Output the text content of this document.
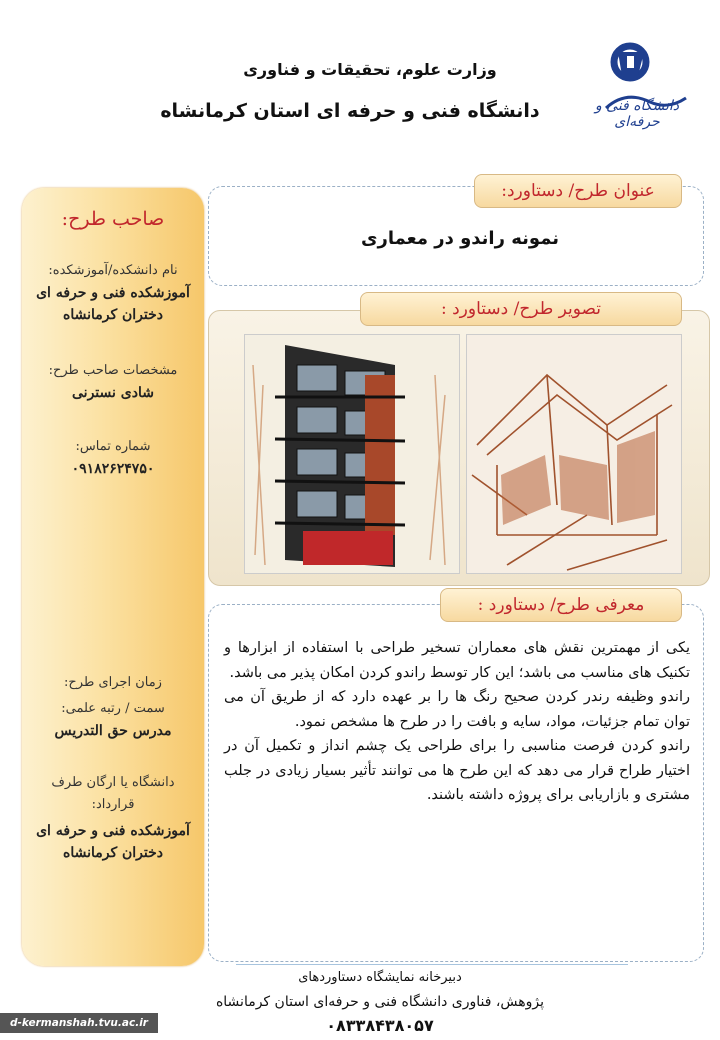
دانشگاه فنی و حرفه‌ای
وزارت علوم، تحقیقات و فناوری
دانشگاه فنی و حرفه ای استان کرمانشاه
صاحب طرح:
نام دانشکده/آموزشکده:
آموزشکده فنی و حرفه ای دختران کرمانشاه
مشخصات صاحب طرح:
شادی نسترنی
شماره تماس:
۰۹۱۸۲۶۲۴۷۵۰
زمان اجرای طرح:
سمت / رتبه علمی:
مدرس حق التدریس
دانشگاه یا ارگان طرف قرارداد:
آموزشکده فنی و حرفه ای دختران کرمانشاه
عنوان طرح/ دستاورد:
نمونه راندو در معماری
تصویر طرح/ دستاورد :
معرفی طرح/ دستاورد :

یکی از مهمترین نقش های معماران تسخیر طراحی با استفاده از ابزارها و تکنیک های مناسب می باشد؛ این کار توسط راندو کردن امکان پذیر می باشد.

راندو وظیفه رندر کردن صحیح رنگ ها را بر عهده دارد که از طریق آن می توان تمام جزئیات، مواد، سایه و بافت را در طرح ها مشخص نمود.

راندو کردن فرصت مناسبی را برای طراحی یک چشم انداز و تکمیل آن در اختیار طراح قرار می دهد که این طرح ها می توانند تأثیر بسیار زیادی در جلب مشتری و بازاریابی برای پروژه داشته باشند.

دبیرخانه نمایشگاه دستاوردهای
پژوهش، فناوری دانشگاه فنی و حرفه‌ای استان کرمانشاه
۰۸۳۳۸۴۳۸۰۵۷
d-kermanshah.tvu.ac.ir
